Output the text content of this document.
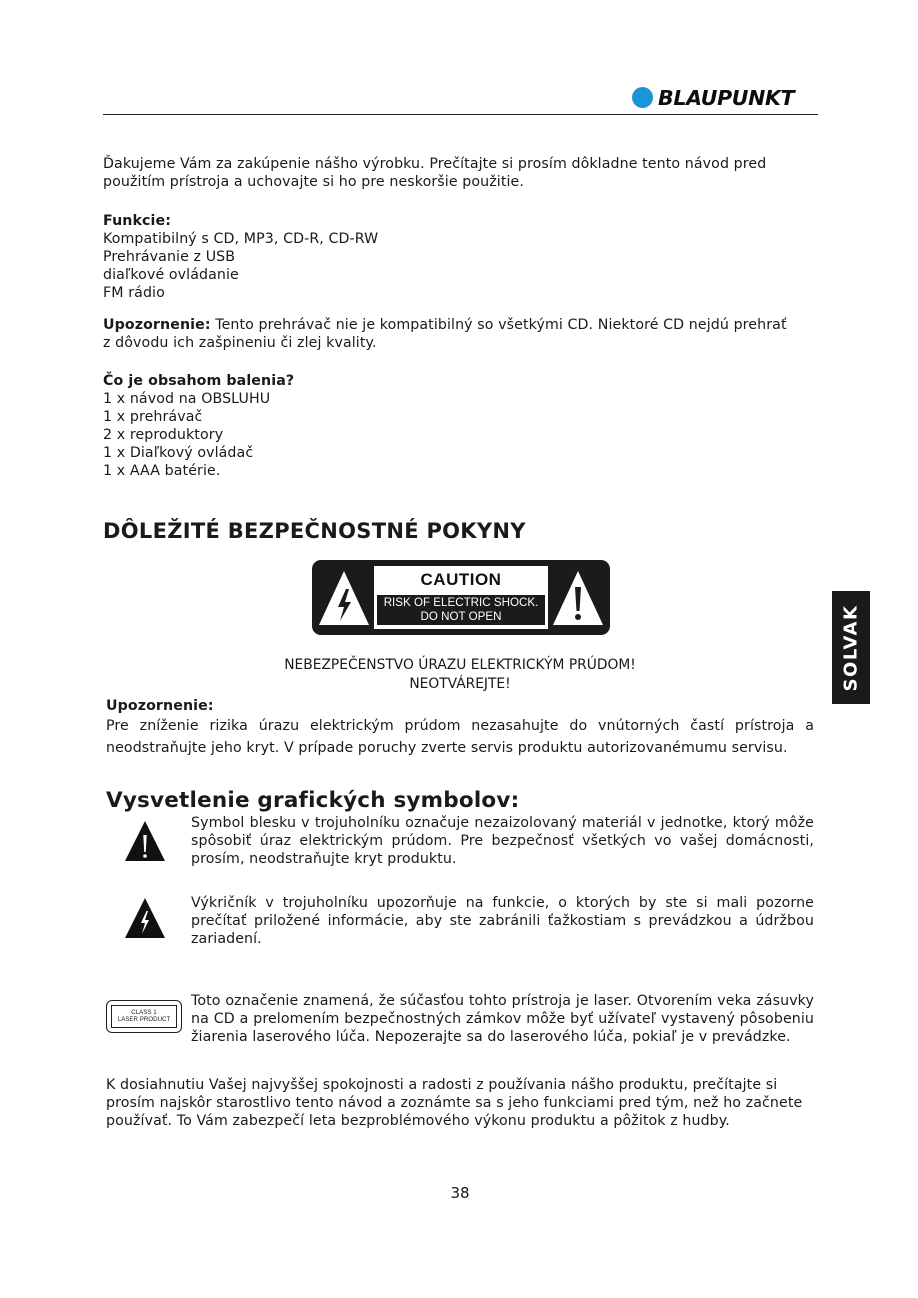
BLAUPUNKT
SOLVAK

Ďakujeme Vám za zakúpenie nášho výrobku. Prečítajte si prosím dôkladne tento návod pred použitím prístroja a uchovajte si ho pre neskoršie použitie.

Funkcie:
Kompatibilný s CD, MP3, CD-R, CD-RW
Prehrávanie z USB
diaľkové ovládanie
FM rádio

Upozornenie: Tento prehrávač nie je kompatibilný so všetkými CD. Niektoré CD nejdú prehrať z dôvodu ich zašpineniu či zlej kvality.

Čo je obsahom balenia?
1 x návod na OBSLUHU
1 x prehrávač
2 x reproduktory
1 x Diaľkový ovládač
1 x AAA batérie.
DÔLEŽITÉ BEZPEČNOSTNÉ POKYNY
CAUTION
RISK OF ELECTRIC SHOCK.
DO NOT OPEN
NEBEZPEČENSTVO ÚRAZU ELEKTRICKÝM PRÚDOM!
NEOTVÁREJTE!
Upozornenie:

Pre zníženie rizika úrazu elektrickým prúdom nezasahujte do vnútorných častí prístroja a neodstraňujte jeho kryt. V prípade poruchy zverte servis produktu autorizovanémumu servisu.

Vysvetlenie grafických symbolov:

Symbol blesku v trojuholníku označuje nezaizolovaný materiál v jednotke, ktorý môže spôsobiť úraz elektrickým prúdom. Pre bezpečnosť všetkých vo vašej domácnosti, prosím, neodstraňujte kryt produktu.

Výkričník v trojuholníku upozorňuje na funkcie, o ktorých by ste si mali pozorne prečítať priložené informácie, aby ste zabránili ťažkostiam s prevádzkou a údržbou zariadení.

CLASS 1
LASER PRODUCT

Toto označenie znamená, že súčasťou tohto prístroja je laser. Otvorením veka zásuvky na CD a prelomením bezpečnostných zámkov môže byť užívateľ vystavený pôsobeniu žiarenia laserového lúča. Nepozerajte sa do laserového lúča, pokiaľ je v prevádzke.

K dosiahnutiu Vašej najvyššej spokojnosti a radosti z používania nášho produktu, prečítajte si prosím najskôr starostlivo tento návod a zoznámte sa s jeho funkciami pred tým, než ho začnete používať. To Vám zabezpečí leta bezproblémového výkonu produktu a pôžitok z hudby.

38
